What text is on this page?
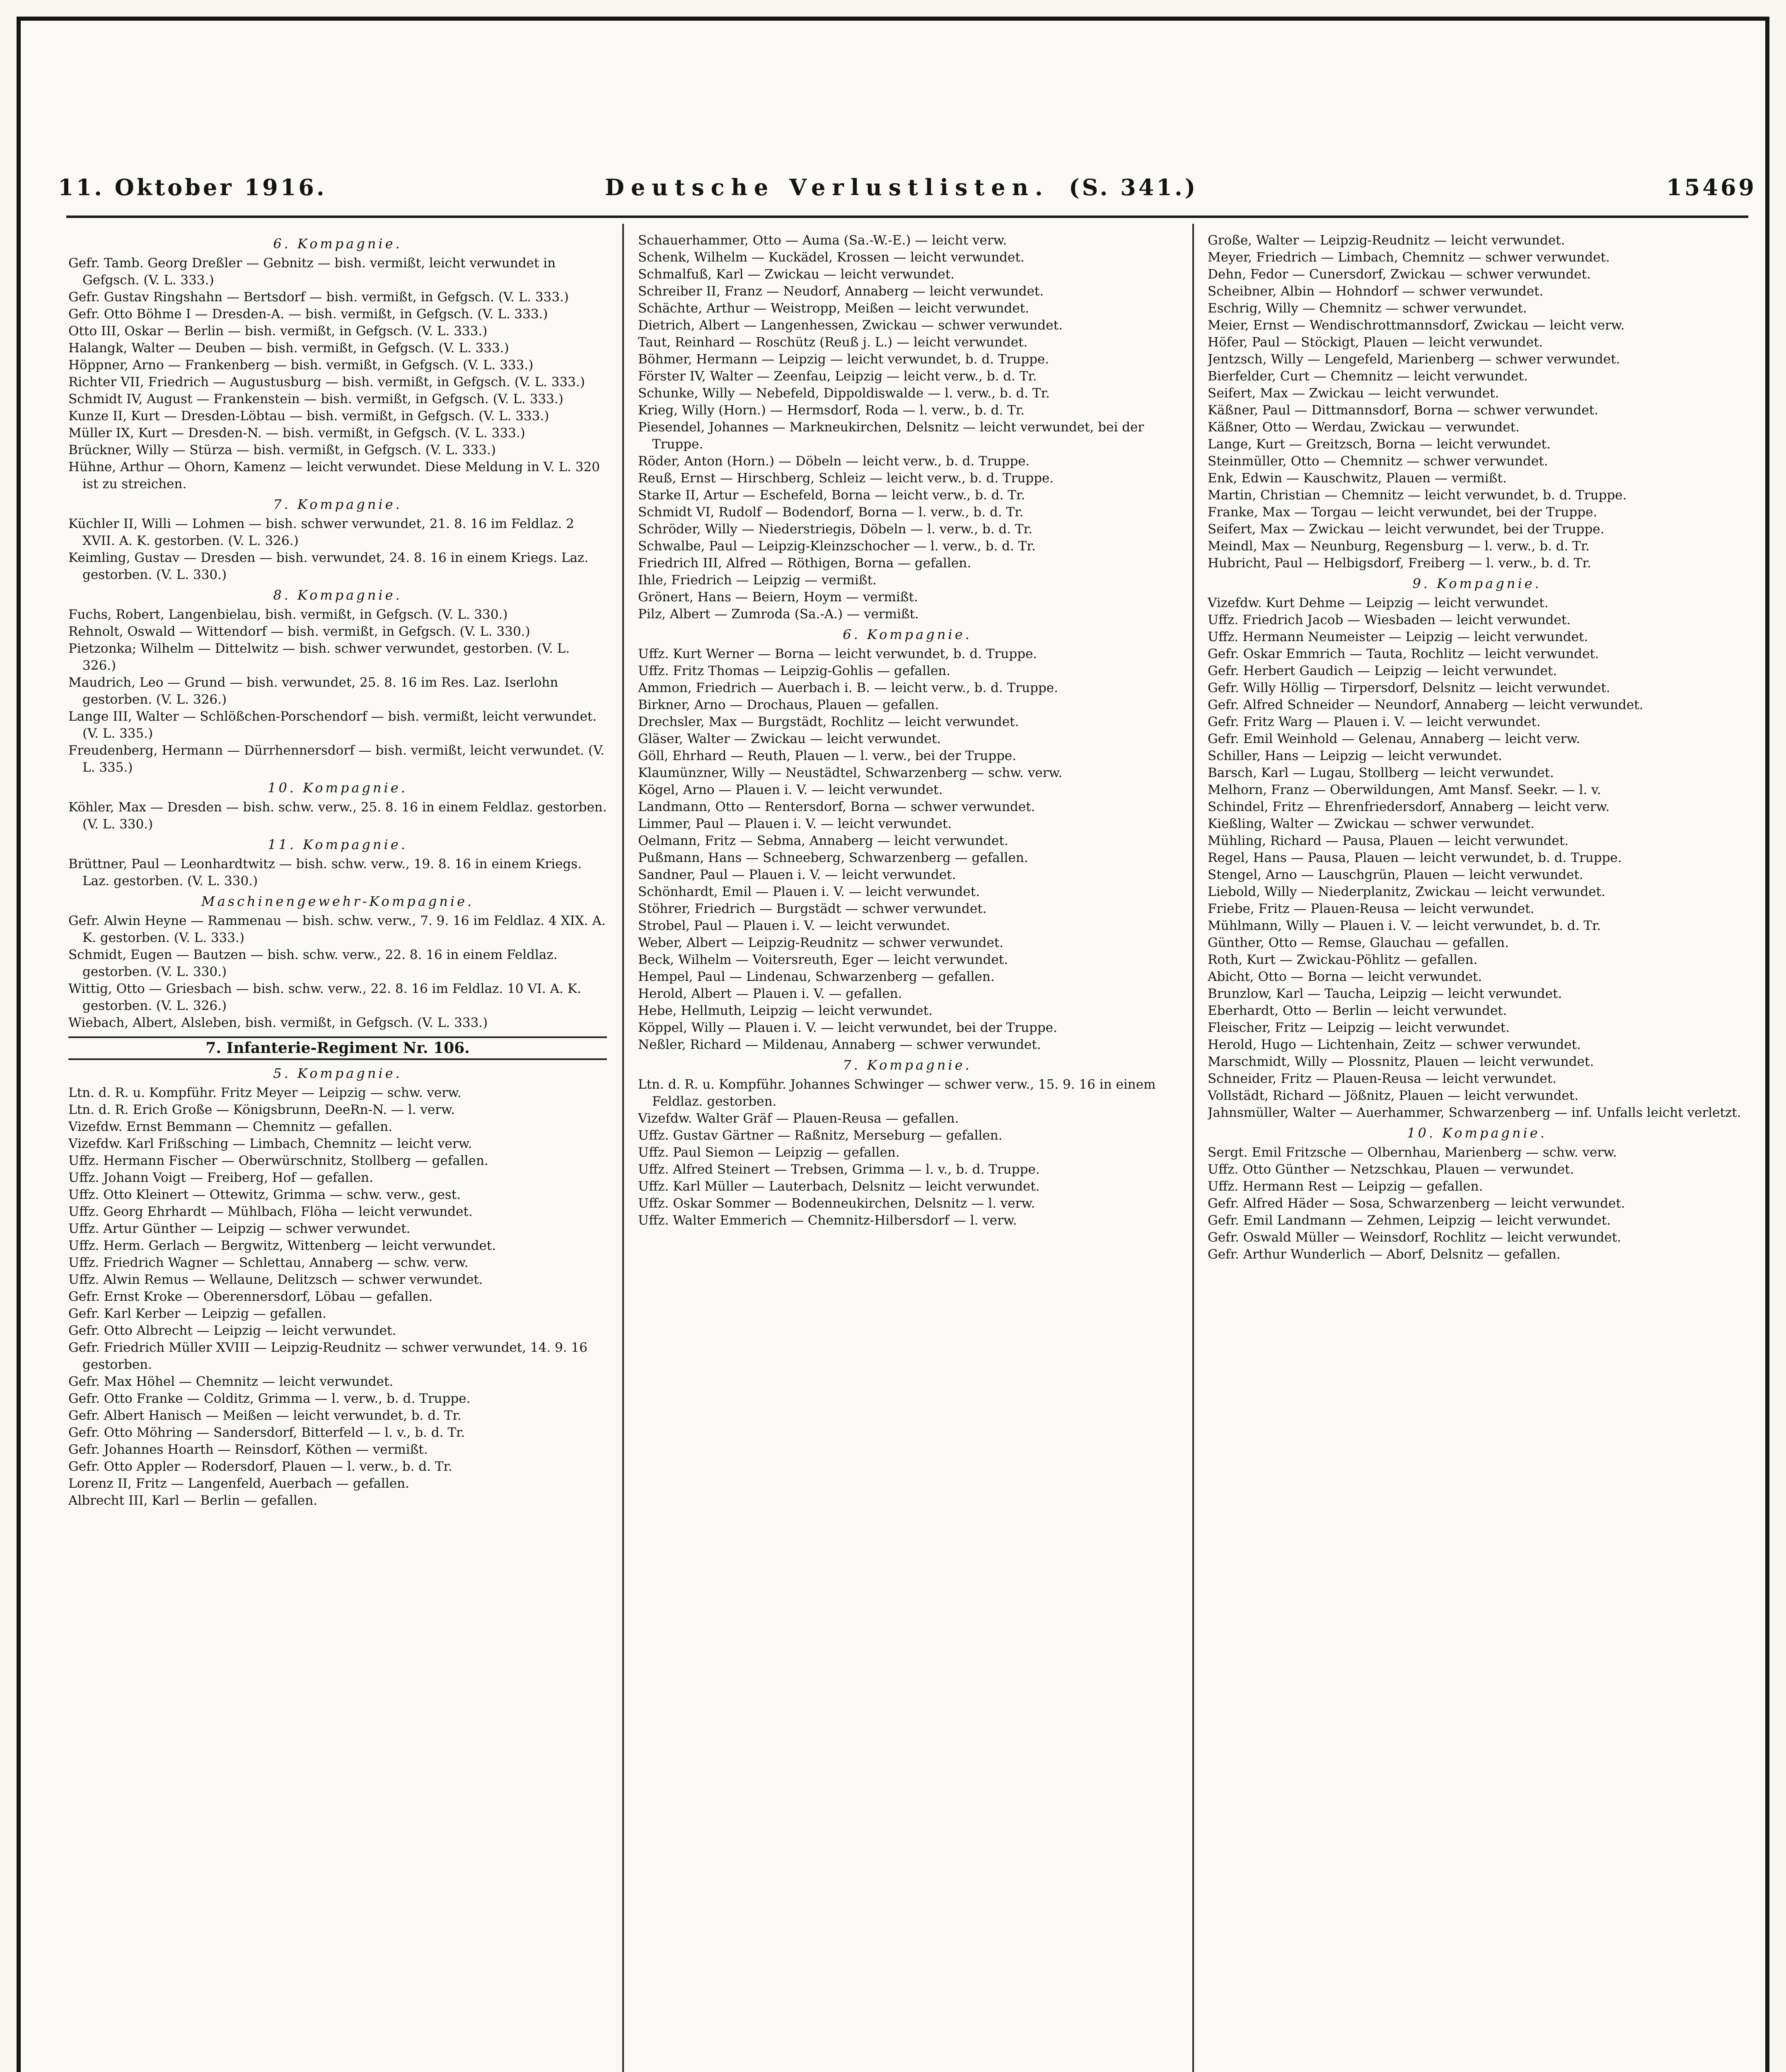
11. Oktober 1916.	Deutsche Verlustlisten. (S. 341.)	15469
6. Kompagnie.

Gefr. Tamb. Georg Dreßler — Gebnitz — bish. vermißt, leicht verwundet in Gefgsch. (V. L. 333.)

Gefr. Gustav Ringshahn — Bertsdorf — bish. vermißt, in Gefgsch. (V. L. 333.)

Gefr. Otto Böhme I — Dresden-A. — bish. vermißt, in Gefgsch. (V. L. 333.)

Otto III, Oskar — Berlin — bish. vermißt, in Gefgsch. (V. L. 333.)

Halangk, Walter — Deuben — bish. vermißt, in Gefgsch. (V. L. 333.)

Höppner, Arno — Frankenberg — bish. vermißt, in Gefgsch. (V. L. 333.)

Richter VII, Friedrich — Augustusburg — bish. vermißt, in Gefgsch. (V. L. 333.)

Schmidt IV, August — Frankenstein — bish. vermißt, in Gefgsch. (V. L. 333.)

Kunze II, Kurt — Dresden-Löbtau — bish. vermißt, in Gefgsch. (V. L. 333.)

Müller IX, Kurt — Dresden-N. — bish. vermißt, in Gefgsch. (V. L. 333.)

Brückner, Willy — Stürza — bish. vermißt, in Gefgsch. (V. L. 333.)

Hühne, Arthur — Ohorn, Kamenz — leicht verwundet. Diese Meldung in V. L. 320 ist zu streichen.

7. Kompagnie.

Küchler II, Willi — Lohmen — bish. schwer verwundet, 21. 8. 16 im Feldlaz. 2 XVII. A. K. gestorben. (V. L. 326.)

Keimling, Gustav — Dresden — bish. verwundet, 24. 8. 16 in einem Kriegs. Laz. gestorben. (V. L. 330.)

8. Kompagnie.

Fuchs, Robert, Langenbielau, bish. vermißt, in Gefgsch. (V. L. 330.)

Rehnolt, Oswald — Wittendorf — bish. vermißt, in Gefgsch. (V. L. 330.)

Pietzonka; Wilhelm — Dittelwitz — bish. schwer verwundet, gestorben. (V. L. 326.)

Maudrich, Leo — Grund — bish. verwundet, 25. 8. 16 im Res. Laz. Iserlohn gestorben. (V. L. 326.)

Lange III, Walter — Schlößchen-Porschendorf — bish. vermißt, leicht verwundet. (V. L. 335.)

Freudenberg, Hermann — Dürrhennersdorf — bish. vermißt, leicht verwundet. (V. L. 335.)

10. Kompagnie.

Köhler, Max — Dresden — bish. schw. verw., 25. 8. 16 in einem Feldlaz. gestorben. (V. L. 330.)

11. Kompagnie.

Brüttner, Paul — Leonhardtwitz — bish. schw. verw., 19. 8. 16 in einem Kriegs. Laz. gestorben. (V. L. 330.)

Maschinengewehr-Kompagnie.

Gefr. Alwin Heyne — Rammenau — bish. schw. verw., 7. 9. 16 im Feldlaz. 4 XIX. A. K. gestorben. (V. L. 333.)

Schmidt, Eugen — Bautzen — bish. schw. verw., 22. 8. 16 in einem Feldlaz. gestorben. (V. L. 330.)

Wittig, Otto — Griesbach — bish. schw. verw., 22. 8. 16 im Feldlaz. 10 VI. A. K. gestorben. (V. L. 326.)

Wiebach, Albert, Alsleben, bish. vermißt, in Gefgsch. (V. L. 333.)

7. Infanterie-Regiment Nr. 106.
5. Kompagnie.

Ltn. d. R. u. Kompführ. Fritz Meyer — Leipzig — schw. verw.

Ltn. d. R. Erich Große — Königsbrunn, DeeRn-N. — l. verw.

Vizefdw. Ernst Bemmann — Chemnitz — gefallen.

Vizefdw. Karl Frißsching — Limbach, Chemnitz — leicht verw.

Uffz. Hermann Fischer — Oberwürschnitz, Stollberg — gefallen.

Uffz. Johann Voigt — Freiberg, Hof — gefallen.

Uffz. Otto Kleinert — Ottewitz, Grimma — schw. verw., gest.

Uffz. Georg Ehrhardt — Mühlbach, Flöha — leicht verwundet.

Uffz. Artur Günther — Leipzig — schwer verwundet.

Uffz. Herm. Gerlach — Bergwitz, Wittenberg — leicht verwundet.

Uffz. Friedrich Wagner — Schlettau, Annaberg — schw. verw.

Uffz. Alwin Remus — Wellaune, Delitzsch — schwer verwundet.

Gefr. Ernst Kroke — Oberennersdorf, Löbau — gefallen.

Gefr. Karl Kerber — Leipzig — gefallen.

Gefr. Otto Albrecht — Leipzig — leicht verwundet.

Gefr. Friedrich Müller XVIII — Leipzig-Reudnitz — schwer verwundet, 14. 9. 16 gestorben.

Gefr. Max Höhel — Chemnitz — leicht verwundet.

Gefr. Otto Franke — Colditz, Grimma — l. verw., b. d. Truppe.

Gefr. Albert Hanisch — Meißen — leicht verwundet, b. d. Tr.

Gefr. Otto Möhring — Sandersdorf, Bitterfeld — l. v., b. d. Tr.

Gefr. Johannes Hoarth — Reinsdorf, Köthen — vermißt.

Gefr. Otto Appler — Rodersdorf, Plauen — l. verw., b. d. Tr.

Lorenz II, Fritz — Langenfeld, Auerbach — gefallen.

Albrecht III, Karl — Berlin — gefallen.

Schauerhammer, Otto — Auma (Sa.-W.-E.) — leicht verw.

Schenk, Wilhelm — Kuckädel, Krossen — leicht verwundet.

Schmalfuß, Karl — Zwickau — leicht verwundet.

Schreiber II, Franz — Neudorf, Annaberg — leicht verwundet.

Schächte, Arthur — Weistropp, Meißen — leicht verwundet.

Dietrich, Albert — Langenhessen, Zwickau — schwer verwundet.

Taut, Reinhard — Roschütz (Reuß j. L.) — leicht verwundet.

Böhmer, Hermann — Leipzig — leicht verwundet, b. d. Truppe.

Förster IV, Walter — Zeenfau, Leipzig — leicht verw., b. d. Tr.

Schunke, Willy — Nebefeld, Dippoldiswalde — l. verw., b. d. Tr.

Krieg, Willy (Horn.) — Hermsdorf, Roda — l. verw., b. d. Tr.

Piesendel, Johannes — Markneukirchen, Delsnitz — leicht verwundet, bei der Truppe.

Röder, Anton (Horn.) — Döbeln — leicht verw., b. d. Truppe.

Reuß, Ernst — Hirschberg, Schleiz — leicht verw., b. d. Truppe.

Starke II, Artur — Eschefeld, Borna — leicht verw., b. d. Tr.

Schmidt VI, Rudolf — Bodendorf, Borna — l. verw., b. d. Tr.

Schröder, Willy — Niederstriegis, Döbeln — l. verw., b. d. Tr.

Schwalbe, Paul — Leipzig-Kleinzschocher — l. verw., b. d. Tr.

Friedrich III, Alfred — Röthigen, Borna — gefallen.

Ihle, Friedrich — Leipzig — vermißt.

Grönert, Hans — Beiern, Hoym — vermißt.

Pilz, Albert — Zumroda (Sa.-A.) — vermißt.

6. Kompagnie.

Uffz. Kurt Werner — Borna — leicht verwundet, b. d. Truppe.

Uffz. Fritz Thomas — Leipzig-Gohlis — gefallen.

Ammon, Friedrich — Auerbach i. B. — leicht verw., b. d. Truppe.

Birkner, Arno — Drochaus, Plauen — gefallen.

Drechsler, Max — Burgstädt, Rochlitz — leicht verwundet.

Gläser, Walter — Zwickau — leicht verwundet.

Göll, Ehrhard — Reuth, Plauen — l. verw., bei der Truppe.

Klaumünzner, Willy — Neustädtel, Schwarzenberg — schw. verw.

Kögel, Arno — Plauen i. V. — leicht verwundet.

Landmann, Otto — Rentersdorf, Borna — schwer verwundet.

Limmer, Paul — Plauen i. V. — leicht verwundet.

Oelmann, Fritz — Sebma, Annaberg — leicht verwundet.

Pußmann, Hans — Schneeberg, Schwarzenberg — gefallen.

Sandner, Paul — Plauen i. V. — leicht verwundet.

Schönhardt, Emil — Plauen i. V. — leicht verwundet.

Stöhrer, Friedrich — Burgstädt — schwer verwundet.

Strobel, Paul — Plauen i. V. — leicht verwundet.

Weber, Albert — Leipzig-Reudnitz — schwer verwundet.

Beck, Wilhelm — Voitersreuth, Eger — leicht verwundet.

Hempel, Paul — Lindenau, Schwarzenberg — gefallen.

Herold, Albert — Plauen i. V. — gefallen.

Hebe, Hellmuth, Leipzig — leicht verwundet.

Köppel, Willy — Plauen i. V. — leicht verwundet, bei der Truppe.

Neßler, Richard — Mildenau, Annaberg — schwer verwundet.

7. Kompagnie.

Ltn. d. R. u. Kompführ. Johannes Schwinger — schwer verw., 15. 9. 16 in einem Feldlaz. gestorben.

Vizefdw. Walter Gräf — Plauen-Reusa — gefallen.

Uffz. Gustav Gärtner — Raßnitz, Merseburg — gefallen.

Uffz. Paul Siemon — Leipzig — gefallen.

Uffz. Alfred Steinert — Trebsen, Grimma — l. v., b. d. Truppe.

Uffz. Karl Müller — Lauterbach, Delsnitz — leicht verwundet.

Uffz. Oskar Sommer — Bodenneukirchen, Delsnitz — l. verw.

Uffz. Walter Emmerich — Chemnitz-Hilbersdorf — l. verw.

Große, Walter — Leipzig-Reudnitz — leicht verwundet.

Meyer, Friedrich — Limbach, Chemnitz — schwer verwundet.

Dehn, Fedor — Cunersdorf, Zwickau — schwer verwundet.

Scheibner, Albin — Hohndorf — schwer verwundet.

Eschrig, Willy — Chemnitz — schwer verwundet.

Meier, Ernst — Wendischrottmannsdorf, Zwickau — leicht verw.

Höfer, Paul — Stöckigt, Plauen — leicht verwundet.

Jentzsch, Willy — Lengefeld, Marienberg — schwer verwundet.

Bierfelder, Curt — Chemnitz — leicht verwundet.

Seifert, Max — Zwickau — leicht verwundet.

Käßner, Paul — Dittmannsdorf, Borna — schwer verwundet.

Käßner, Otto — Werdau, Zwickau — verwundet.

Lange, Kurt — Greitzsch, Borna — leicht verwundet.

Steinmüller, Otto — Chemnitz — schwer verwundet.

Enk, Edwin — Kauschwitz, Plauen — vermißt.

Martin, Christian — Chemnitz — leicht verwundet, b. d. Truppe.

Franke, Max — Torgau — leicht verwundet, bei der Truppe.

Seifert, Max — Zwickau — leicht verwundet, bei der Truppe.

Meindl, Max — Neunburg, Regensburg — l. verw., b. d. Tr.

Hubricht, Paul — Helbigsdorf, Freiberg — l. verw., b. d. Tr.

9. Kompagnie.

Vizefdw. Kurt Dehme — Leipzig — leicht verwundet.

Uffz. Friedrich Jacob — Wiesbaden — leicht verwundet.

Uffz. Hermann Neumeister — Leipzig — leicht verwundet.

Gefr. Oskar Emmrich — Tauta, Rochlitz — leicht verwundet.

Gefr. Herbert Gaudich — Leipzig — leicht verwundet.

Gefr. Willy Höllig — Tirpersdorf, Delsnitz — leicht verwundet.

Gefr. Alfred Schneider — Neundorf, Annaberg — leicht verwundet.

Gefr. Fritz Warg — Plauen i. V. — leicht verwundet.

Gefr. Emil Weinhold — Gelenau, Annaberg — leicht verw.

Schiller, Hans — Leipzig — leicht verwundet.

Barsch, Karl — Lugau, Stollberg — leicht verwundet.

Melhorn, Franz — Oberwildungen, Amt Mansf. Seekr. — l. v.

Schindel, Fritz — Ehrenfriedersdorf, Annaberg — leicht verw.

Kießling, Walter — Zwickau — schwer verwundet.

Mühling, Richard — Pausa, Plauen — leicht verwundet.

Regel, Hans — Pausa, Plauen — leicht verwundet, b. d. Truppe.

Stengel, Arno — Lauschgrün, Plauen — leicht verwundet.

Liebold, Willy — Niederplanitz, Zwickau — leicht verwundet.

Friebe, Fritz — Plauen-Reusa — leicht verwundet.

Mühlmann, Willy — Plauen i. V. — leicht verwundet, b. d. Tr.

Günther, Otto — Remse, Glauchau — gefallen.

Roth, Kurt — Zwickau-Pöhlitz — gefallen.

Abicht, Otto — Borna — leicht verwundet.

Brunzlow, Karl — Taucha, Leipzig — leicht verwundet.

Eberhardt, Otto — Berlin — leicht verwundet.

Fleischer, Fritz — Leipzig — leicht verwundet.

Herold, Hugo — Lichtenhain, Zeitz — schwer verwundet.

Marschmidt, Willy — Plossnitz, Plauen — leicht verwundet.

Schneider, Fritz — Plauen-Reusa — leicht verwundet.

Vollstädt, Richard — Jößnitz, Plauen — leicht verwundet.

Jahnsmüller, Walter — Auerhammer, Schwarzenberg — inf. Unfalls leicht verletzt.

10. Kompagnie.

Sergt. Emil Fritzsche — Olbernhau, Marienberg — schw. verw.

Uffz. Otto Günther — Netzschkau, Plauen — verwundet.

Uffz. Hermann Rest — Leipzig — gefallen.

Gefr. Alfred Häder — Sosa, Schwarzenberg — leicht verwundet.

Gefr. Emil Landmann — Zehmen, Leipzig — leicht verwundet.

Gefr. Oswald Müller — Weinsdorf, Rochlitz — leicht verwundet.

Gefr. Arthur Wunderlich — Aborf, Delsnitz — gefallen.
